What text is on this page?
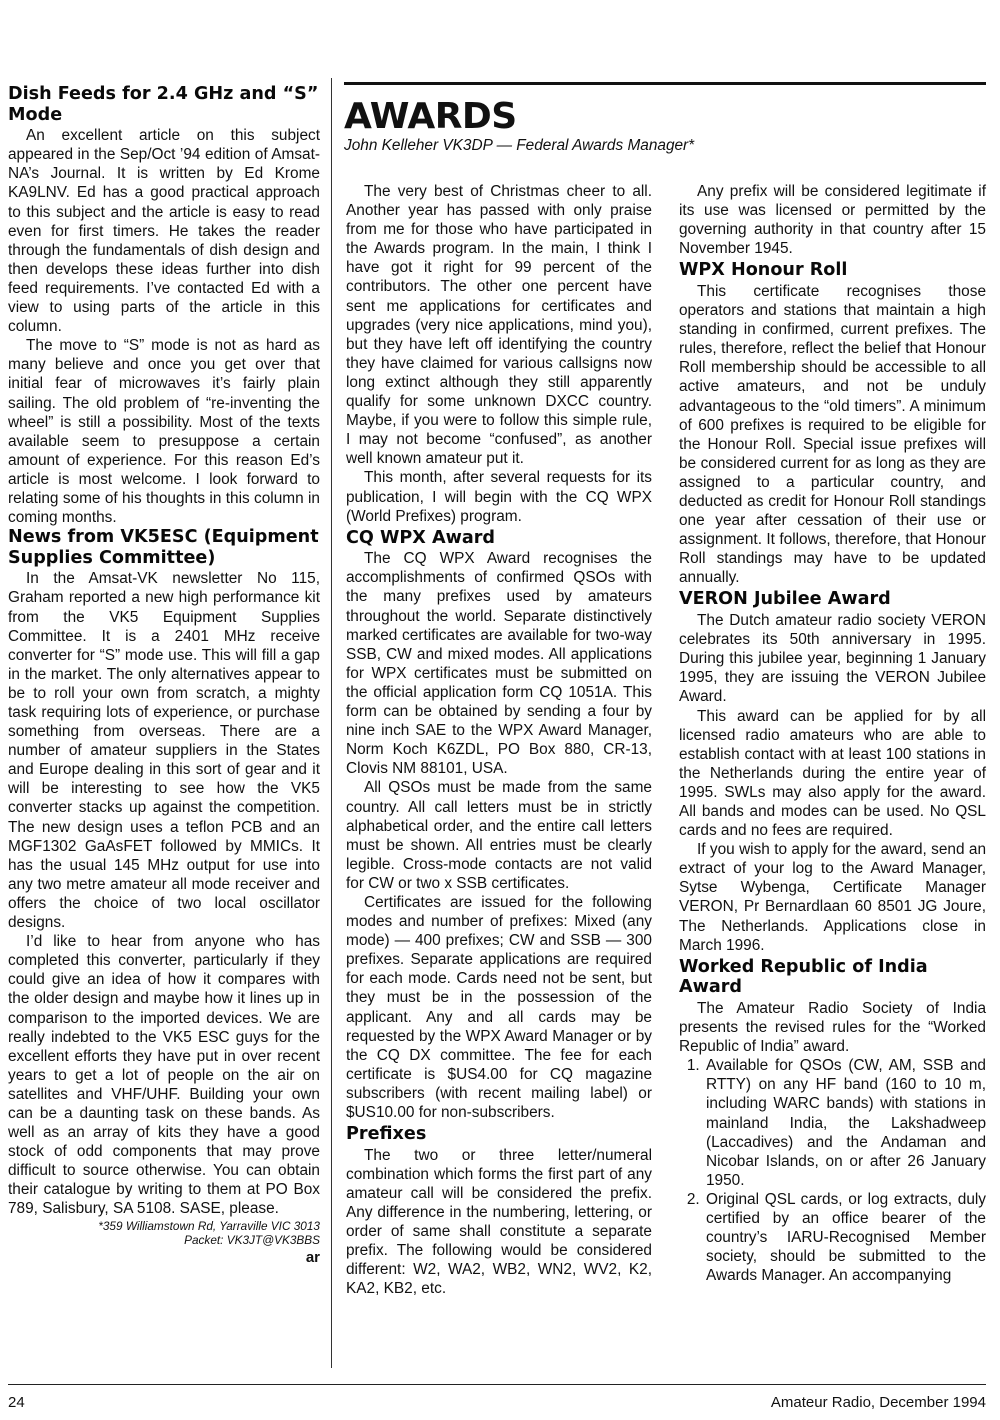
Dish Feeds for 2.4 GHz and “S” Mode

An excellent article on this subject appeared in the Sep/Oct ’94 edition of Amsat-NA’s Journal. It is written by Ed Krome KA9LNV. Ed has a good practical approach to this subject and the article is easy to read even for first timers. He takes the reader through the fundamentals of dish design and then develops these ideas further into dish feed requirements. I’ve contacted Ed with a view to using parts of the article in this column.

The move to “S” mode is not as hard as many believe and once you get over that initial fear of microwaves it’s fairly plain sailing. The old problem of “re-inventing the wheel” is still a possibility. Most of the texts available seem to presuppose a certain amount of experience. For this reason Ed’s article is most welcome. I look forward to relating some of his thoughts in this column in coming months.

News from VK5ESC (Equipment Supplies Committee)

In the Amsat-VK newsletter No 115, Graham reported a new high performance kit from the VK5 Equipment Supplies Committee. It is a 2401 MHz receive converter for “S” mode use. This will fill a gap in the market. The only alternatives appear to be to roll your own from scratch, a mighty task requiring lots of experience, or purchase something from overseas. There are a number of amateur suppliers in the States and Europe dealing in this sort of gear and it will be interesting to see how the VK5 converter stacks up against the competition. The new design uses a teflon PCB and an MGF1302 GaAsFET followed by MMICs. It has the usual 145 MHz output for use into any two metre amateur all mode receiver and offers the choice of two local oscillator designs.

I’d like to hear from anyone who has completed this converter, particularly if they could give an idea of how it compares with the older design and maybe how it lines up in comparison to the imported devices. We are really indebted to the VK5 ESC guys for the excellent efforts they have put in over recent years to get a lot of people on the air on satellites and VHF/UHF. Building your own can be a daunting task on these bands. As well as an array of kits they have a good stock of odd components that may prove difficult to source otherwise. You can obtain their catalogue by writing to them at PO Box 789, Salisbury, SA 5108. SASE, please.

*359 Williamstown Rd, Yarraville VIC 3013

Packet: VK3JT@VK3BBS

ar

AWARDS

John Kelleher VK3DP — Federal Awards Manager*

The very best of Christmas cheer to all. Another year has passed with only praise from me for those who have participated in the Awards program. In the main, I think I have got it right for 99 percent of the contributors. The other one percent have sent me applications for certificates and upgrades (very nice applications, mind you), but they have left off identifying the country they have claimed for various callsigns now long extinct although they still apparently qualify for some unknown DXCC country. Maybe, if you were to follow this simple rule, I may not become “confused”, as another well known amateur put it.

This month, after several requests for its publication, I will begin with the CQ WPX (World Prefixes) program.

CQ WPX Award

The CQ WPX Award recognises the accomplishments of confirmed QSOs with the many prefixes used by amateurs throughout the world. Separate distinctively marked certificates are available for two-way SSB, CW and mixed modes. All applications for WPX certificates must be submitted on the official application form CQ 1051A. This form can be obtained by sending a four by nine inch SAE to the WPX Award Manager, Norm Koch K6ZDL, PO Box 880, CR-13, Clovis NM 88101, USA.

All QSOs must be made from the same country. All call letters must be in strictly alphabetical order, and the entire call letters must be shown. All entries must be clearly legible. Cross-mode contacts are not valid for CW or two x SSB certificates.

Certificates are issued for the following modes and number of prefixes: Mixed (any mode) — 400 prefixes; CW and SSB — 300 prefixes. Separate applications are required for each mode. Cards need not be sent, but they must be in the possession of the applicant. Any and all cards may be requested by the WPX Award Manager or by the CQ DX committee. The fee for each certificate is $US4.00 for CQ magazine subscribers (with recent mailing label) or $US10.00 for non-subscribers.

Prefixes

The two or three letter/numeral combination which forms the first part of any amateur call will be considered the prefix. Any difference in the numbering, lettering, or order of same shall constitute a separate prefix. The following would be considered different: W2, WA2, WB2, WN2, WV2, K2, KA2, KB2, etc.

Any prefix will be considered legitimate if its use was licensed or permitted by the governing authority in that country after 15 November 1945.

WPX Honour Roll

This certificate recognises those operators and stations that maintain a high standing in confirmed, current prefixes. The rules, therefore, reflect the belief that Honour Roll membership should be accessible to all active amateurs, and not be unduly advantageous to the “old timers”. A minimum of 600 prefixes is required to be eligible for the Honour Roll. Special issue prefixes will be considered current for as long as they are assigned to a particular country, and deducted as credit for Honour Roll standings one year after cessation of their use or assignment. It follows, therefore, that Honour Roll standings may have to be updated annually.

VERON Jubilee Award

The Dutch amateur radio society VERON celebrates its 50th anniversary in 1995. During this jubilee year, beginning 1 January 1995, they are issuing the VERON Jubilee Award.

This award can be applied for by all licensed radio amateurs who are able to establish contact with at least 100 stations in the Netherlands during the entire year of 1995. SWLs may also apply for the award. All bands and modes can be used. No QSL cards and no fees are required.

If you wish to apply for the award, send an extract of your log to the Award Manager, Sytse Wybenga, Certificate Manager VERON, Pr Bernardlaan 60 8501 JG Joure, The Netherlands. Applications close in March 1996.

Worked Republic of India Award

The Amateur Radio Society of India presents the revised rules for the “Worked Republic of India” award.

1. Available for QSOs (CW, AM, SSB and RTTY) on any HF band (160 to 10 m, including WARC bands) with stations in mainland India, the Lakshadweep (Laccadives) and the Andaman and Nicobar Islands, on or after 26 January 1950.
2. Original QSL cards, or log extracts, duly certified by an office bearer of the country’s IARU-Recognised Member society, should be submitted to the Awards Manager. An accompanying
24	Amateur Radio, December 1994
